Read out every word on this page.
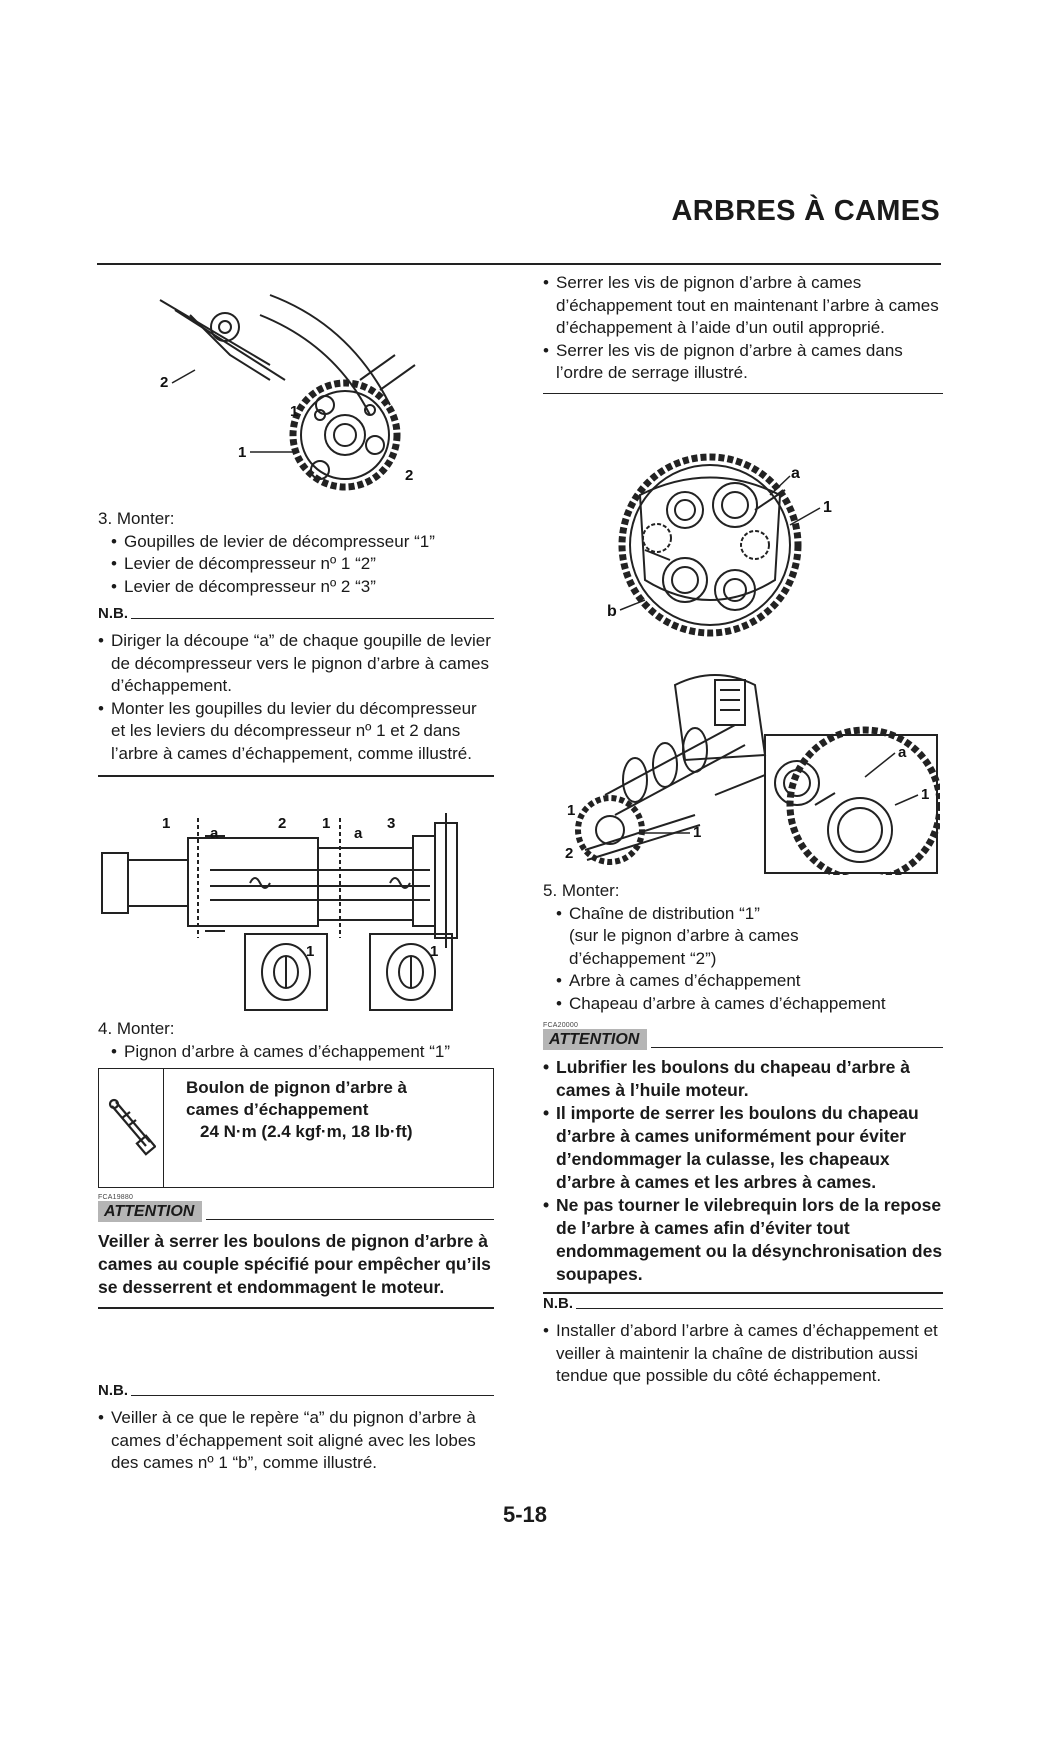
ARBRES À CAMES
2
1
1
2
3. Monter:
• Goupilles de levier de décompresseur “1”
• Levier de décompresseur nº 1 “2”
• Levier de décompresseur nº 2 “3”
N.B.
• Diriger la découpe “a” de chaque goupille de levier de décompresseur vers le pignon d’arbre à cames d’échappement.
• Monter les goupilles du levier du décompresseur et les leviers du décompresseur nº 1 et 2 dans l’arbre à cames d’échappement, comme illustré.
1
a
2 1
a
3
1	1
4. Monter:
• Pignon d’arbre à cames d’échappement “1”
Boulon de pignon d’arbre à
cames d’échappement
24 N·m (2.4 kgf·m, 18 lb·ft)
FCA19880
ATTENTION
Veiller à serrer les boulons de pignon d’arbre à cames au couple spécifié pour empêcher qu’ils se desserrent et endommagent le moteur.
N.B.
• Veiller à ce que le repère “a” du pignon d’arbre à cames d’échappement soit aligné avec les lobes des cames nº 1 “b”, comme illustré.
• Serrer les vis de pignon d’arbre à cames d’échappement tout en maintenant l’arbre à cames d’échappement à l’aide d’un outil approprié.
• Serrer les vis de pignon d’arbre à cames dans l’ordre de serrage illustré.
a
1
b
a
1
1
1
2
5. Monter:
• Chaîne de distribution “1”
(sur le pignon d’arbre à cames
d’échappement “2”)
• Arbre à cames d’échappement
• Chapeau d’arbre à cames d’échappement
FCA20000
ATTENTION
• Lubrifier les boulons du chapeau d’arbre à cames à l’huile moteur.
• Il importe de serrer les boulons du chapeau d’arbre à cames uniformément pour éviter d’endommager la culasse, les chapeaux d’arbre à cames et les arbres à cames.
• Ne pas tourner le vilebrequin lors de la repose de l’arbre à cames afin d’éviter tout endommagement ou la désynchronisation des soupapes.
N.B.
• Installer d’abord l’arbre à cames d’échappement et veiller à maintenir la chaîne de distribution aussi tendue que possible du côté échappement.
5-18
